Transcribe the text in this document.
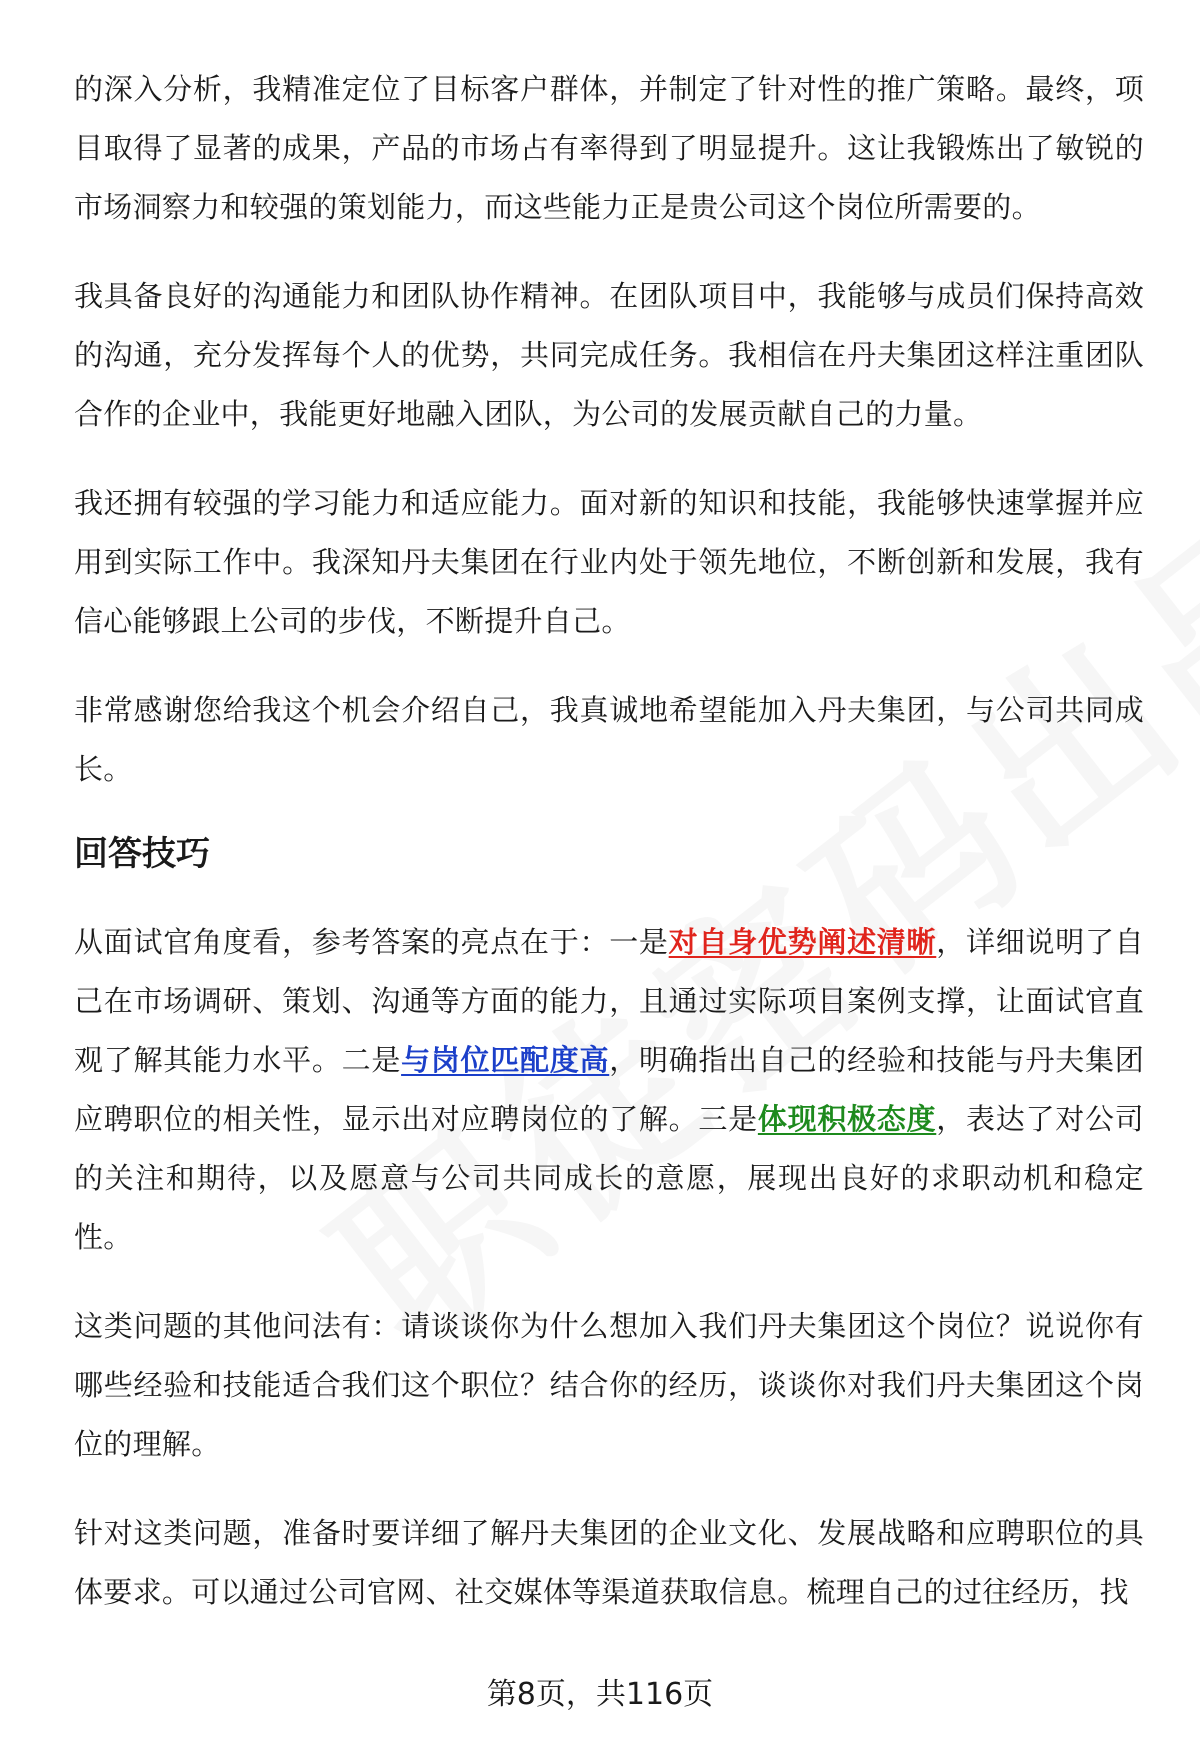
的深入分析，我精准定位了目标客户群体，并制定了针对性的推广策略。最终，项目取得了显著的成果，产品的市场占有率得到了明显提升。这让我锻炼出了敏锐的市场洞察力和较强的策划能力，而这些能力正是贵公司这个岗位所需要的。

我具备良好的沟通能力和团队协作精神。在团队项目中，我能够与成员们保持高效的沟通，充分发挥每个人的优势，共同完成任务。我相信在丹夫集团这样注重团队合作的企业中，我能更好地融入团队，为公司的发展贡献自己的力量。

我还拥有较强的学习能力和适应能力。面对新的知识和技能，我能够快速掌握并应用到实际工作中。我深知丹夫集团在行业内处于领先地位，不断创新和发展，我有信心能够跟上公司的步伐，不断提升自己。

非常感谢您给我这个机会介绍自己，我真诚地希望能加入丹夫集团，与公司共同成长。

回答技巧

从面试官角度看，参考答案的亮点在于：一是对自身优势阐述清晰，详细说明了自己在市场调研、策划、沟通等方面的能力，且通过实际项目案例支撑，让面试官直观了解其能力水平。二是与岗位匹配度高，明确指出自己的经验和技能与丹夫集团应聘职位的相关性，显示出对应聘岗位的了解。三是体现积极态度，表达了对公司的关注和期待，以及愿意与公司共同成长的意愿，展现出良好的求职动机和稳定性。

这类问题的其他问法有：请谈谈你为什么想加入我们丹夫集团这个岗位？说说你有哪些经验和技能适合我们这个职位？结合你的经历，谈谈你对我们丹夫集团这个岗位的理解。

针对这类问题，准备时要详细了解丹夫集团的企业文化、发展战略和应聘职位的具体要求。可以通过公司官网、社交媒体等渠道获取信息。梳理自己的过往经历，找

第8页，共116页
